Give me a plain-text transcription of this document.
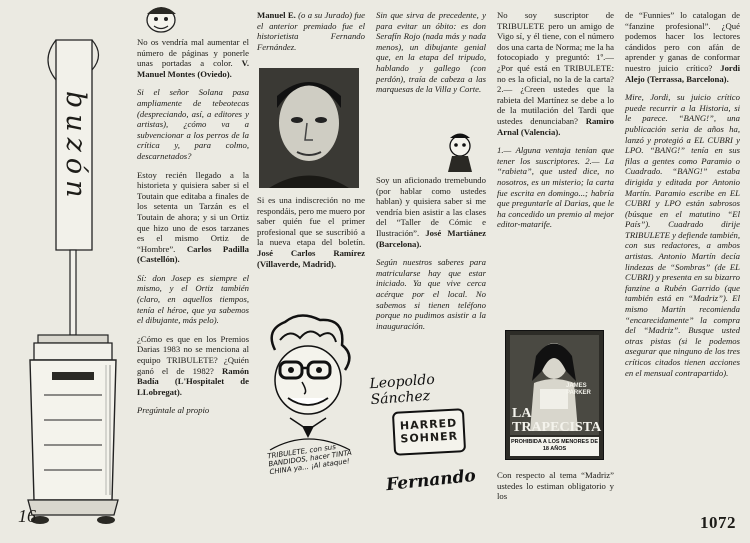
buzón

No os vendría mal aumentar el número de páginas y ponerle unas portadas a color. V. Manuel Montes (Oviedo).

Si el señor Solana pasa ampliamente de tebeotecas (despreciando, así, a editores y artistas), ¿cómo va a subvencionar a los perros de la crítica y, para colmo, descarnetados?

Estoy recién llegado a la historieta y quisiera saber si el Toutain que editaba a finales de los setenta un Tarzán es el Toutain de ahora; y si un Ortiz que hizo uno de esos tarzanes es el mismo Ortiz de “Hombre”. Carlos Padilla (Castellón).

Sí: don Josep es siempre el mismo, y el Ortiz también (claro, en aquellos tiempos, tenía el héroe, que ya sabemos el dibujante, más pelo).

¿Cómo es que en los Premios Darias 1983 no se menciona al equipo TRIBULETE? ¿Quién ganó el de 1982? Ramón Badía (L'Hospitalet de LLobregat).

Pregúntale al propio

Manuel E. (o a su Jurado) fue el anterior premiado fue el historietista Fernando Fernández.

Si es una indiscreción no me respondáis, pero me muero por saber quién fue el primer profesional que se suscribió a la nueva etapa del boletín. José Carlos Ramírez (Villaverde, Madrid).

TRIBULETE, con sus BANDIDOS, hacer TINTA CHINA ya... ¡Al ataque!

Sin que sirva de precedente, y para evitar un óbito: es don Serafín Rojo (nada más y nada menos), un dibujante genial que, en la etapa del tripudo, hablando y gallego (con perdón), traía de cabeza a las marquesas de la Villa y Corte.

Soy un aficionado tremebundo (por hablar como ustedes hablan) y quisiera saber si me vendría bien asistir a las clases del “Taller de Cómic e Ilustración”. José Martiánez (Barcelona).

Según nuestros saberes para matricularse hay que estar iniciado. Ya que vive cerca acérque por el local. No sabemos si tienen teléfono porque no pudimos asistir a la inauguración.

Leopoldo Sánchez
HARRED SOHNER
Fernando

No soy suscriptor de TRIBULETE pero un amigo de Vigo sí, y él tiene, con el número dos una carta de Norma; me la ha fotocopiado y preguntó: 1º.— ¿Por qué está en TRIBULETE: no es la oficial, no la de la carta? 2.— ¿Creen ustedes que la rabieta del Martínez se debe a lo de la mutilación del Tardi que ustedes denunciaban? Ramiro Arnal (Valencia).

1.— Alguna ventaja tenían que tener los suscriptores. 2.— La “rabieta”, que usted dice, no nosotros, es un misterio; la carta fue escrita en domingo...; habría que preguntarle al Darias, que le ha concedido un premio al mejor editor-matarife.

JAMES PARKER
LA TRAPECISTA
PROHIBIDA A LOS MENORES DE 18 AÑOS

Con respecto al tema “Madriz” ustedes lo estiman obligatorio y los

de “Funnies” lo catalogan de “fanzine profesional”. ¿Qué podemos hacer los lectores cándidos pero con afán de aprender y ganas de conformar nuestro juicio crítico? Jordi Alejo (Terrassa, Barcelona).

Mire, Jordi, su juicio crítico puede recurrir a la Historia, si le parece. “BANG!”, una publicación seria de años ha, lanzó y protegió a EL CUBRI y LPO. “BANG!” tenía en sus filas a gentes como Paramio o Cuadrado. “BANG!” estaba dirigida y editada por Antonio Martín. Paramio escribe en EL CUBRI y LPO están sabrosos (búsque en el matutino “El País”). Cuadrado dirije TRIBULETE y defiende también, con sus redactores, a ambos artistas. Antonio Martín decía lindezas de “Sombras” (de EL CUBRI) y presenta en su bizarro fanzine a Rubén Garrido (que también está en “Madriz”). El mismo Martín recomienda “encarecidamente” la compra del “Madriz”. Busque usted otras pistas (si le podemos asegurar que ninguno de los tres críticos citados tienen acciones en el mensual contrapartido).

16	1072
